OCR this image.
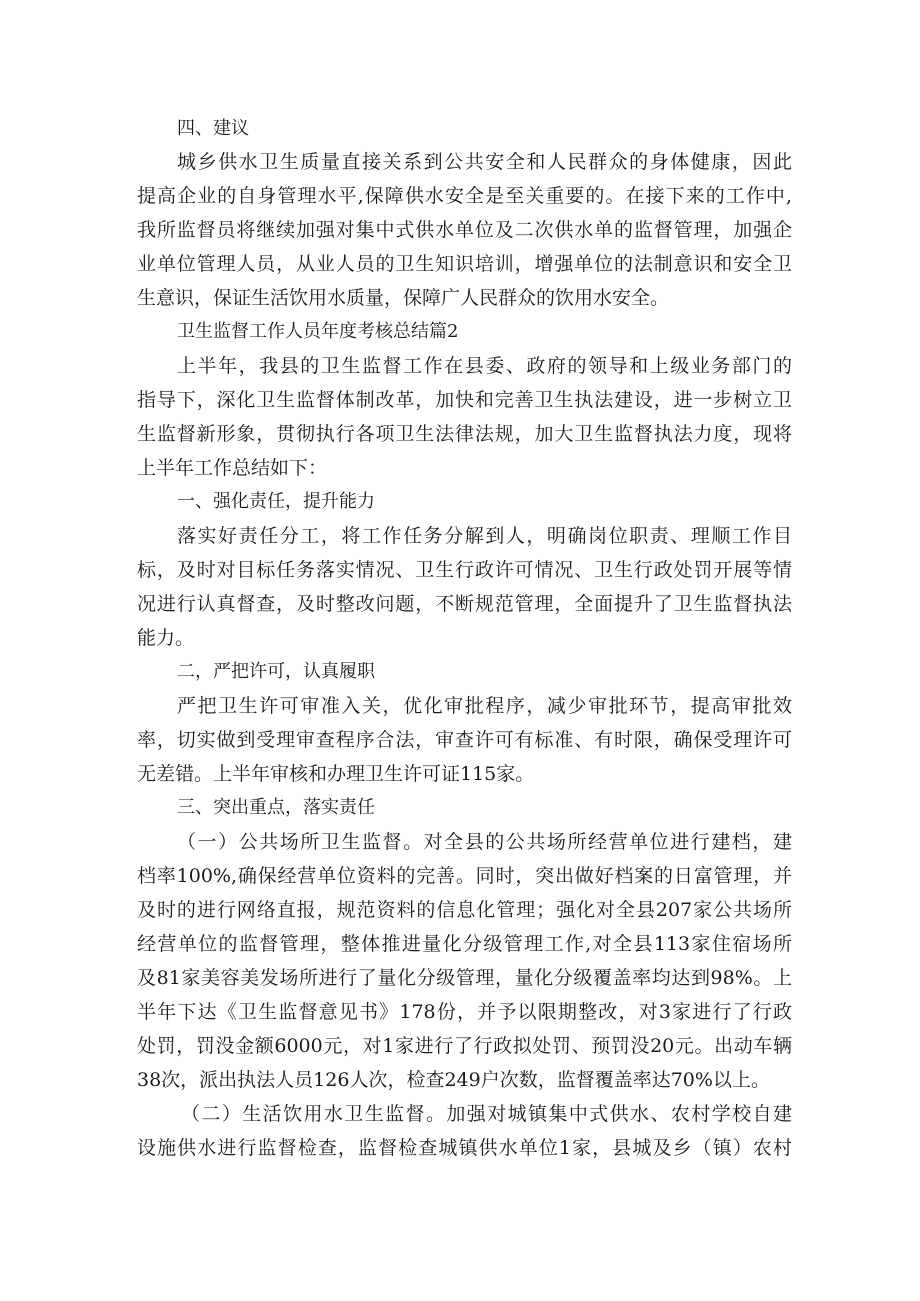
四、建议
城乡供水卫生质量直接关系到公共安全和人民群众的身体健康，因此
提高企业的自身管理水平,保障供水安全是至关重要的。在接下来的工作中,
我所监督员将继续加强对集中式供水单位及二次供水单的监督管理，加强企
业单位管理人员，从业人员的卫生知识培训，增强单位的法制意识和安全卫
生意识，保证生活饮用水质量，保障广人民群众的饮用水安全。
卫生监督工作人员年度考核总结篇2
上半年，我县的卫生监督工作在县委、政府的领导和上级业务部门的
指导下，深化卫生监督体制改革，加快和完善卫生执法建设，进一步树立卫
生监督新形象，贯彻执行各项卫生法律法规，加大卫生监督执法力度，现将
上半年工作总结如下：
一、强化责任，提升能力
落实好责任分工，将工作任务分解到人，明确岗位职责、理顺工作目
标，及时对目标任务落实情况、卫生行政许可情况、卫生行政处罚开展等情
况进行认真督查，及时整改问题，不断规范管理，全面提升了卫生监督执法
能力。
二，严把许可，认真履职
严把卫生许可审准入关，优化审批程序，减少审批环节，提高审批效
率，切实做到受理审查程序合法，审查许可有标准、有时限，确保受理许可
无差错。上半年审核和办理卫生许可证115家。
三、突出重点，落实责任
（一）公共场所卫生监督。对全县的公共场所经营单位进行建档，建
档率100%,确保经营单位资料的完善。同时，突出做好档案的日富管理，并
及时的进行网络直报，规范资料的信息化管理；强化对全县207家公共场所
经营单位的监督管理，整体推进量化分级管理工作,对全县113家住宿场所
及81家美容美发场所进行了量化分级管理，量化分级覆盖率均达到98%。上
半年下达《卫生监督意见书》178份，并予以限期整改，对3家进行了行政
处罚，罚没金额6000元，对1家进行了行政拟处罚、预罚没20元。出动车辆
38次，派出执法人员126人次，检查249户次数，监督覆盖率达70%以上。
（二）生活饮用水卫生监督。加强对城镇集中式供水、农村学校自建
设施供水进行监督检查，监督检查城镇供水单位1家，县城及乡（镇）农村
